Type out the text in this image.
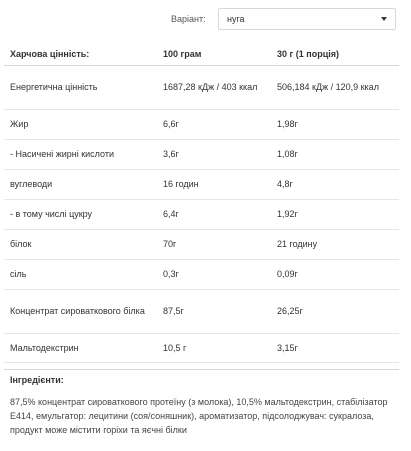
Варіант:	нуга
Харчова цінність:	100 грам	30 г (1 порція)
Енергетична цінність	1687,28 кДж / 403 ккал	506,184 кДж / 120,9 ккал
Жир	6,6г	1,98г
- Насичені жирні кислоти	3,6г	1,08г
вуглеводи	16 годин	4,8г
- в тому числі цукру	6,4г	1,92г
білок	70г	21 годину
сіль	0,3г	0,09г
Концентрат сироваткового білка	87,5г	26,25г
Мальтодекстрин	10,5 г	3,15г
Інгредієнти:
87,5% концентрат сироваткового протеїну (з молока), 10,5% мальтодекстрин, стабілізатор Е414, емульгатор: лецитини (соя/соняшник), ароматизатор, підсолоджувач: сукралоза, продукт може містити горіхи та яєчні білки
